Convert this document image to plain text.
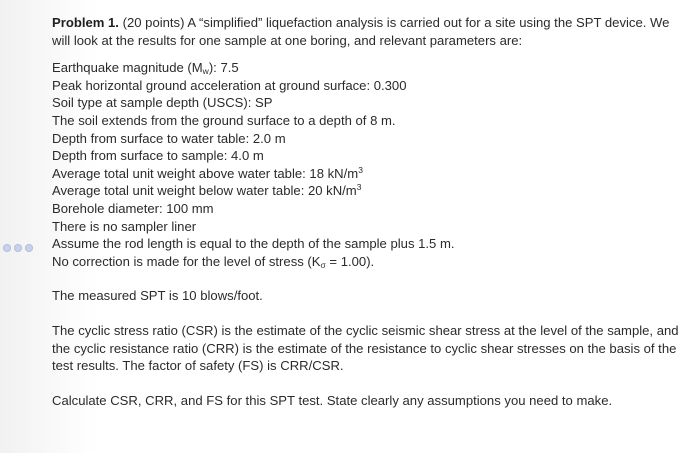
Problem 1. (20 points) A “simplified” liquefaction analysis is carried out for a site using the SPT device. We will look at the results for one sample at one boring, and relevant parameters are:

Earthquake magnitude $(M_w)$: 7.5
Peak horizontal ground acceleration at ground surface: 0.300
Soil type at sample depth (USCS): SP
The soil extends from the ground surface to a depth of 8 m.
Depth from surface to water table: 2.0 m
Depth from surface to sample: 4.0 m
Average total unit weight above water table: 18 $kN/m^3$
Average total unit weight below water table: 20 $kN/m^3$
Borehole diameter: 100 mm
There is no sampler liner
Assume the rod length is equal to the depth of the sample plus 1.5 m.
No correction is made for the level of stress $(K_\sigma = 1.00)$.

The measured SPT is 10 blows/foot.

The cyclic stress ratio (CSR) is the estimate of the cyclic seismic shear stress at the level of the sample, and the cyclic resistance ratio (CRR) is the estimate of the resistance to cyclic shear stresses on the basis of the test results. The factor of safety (FS) is CRR/CSR.

Calculate CSR, CRR, and FS for this SPT test. State clearly any assumptions you need to make.
